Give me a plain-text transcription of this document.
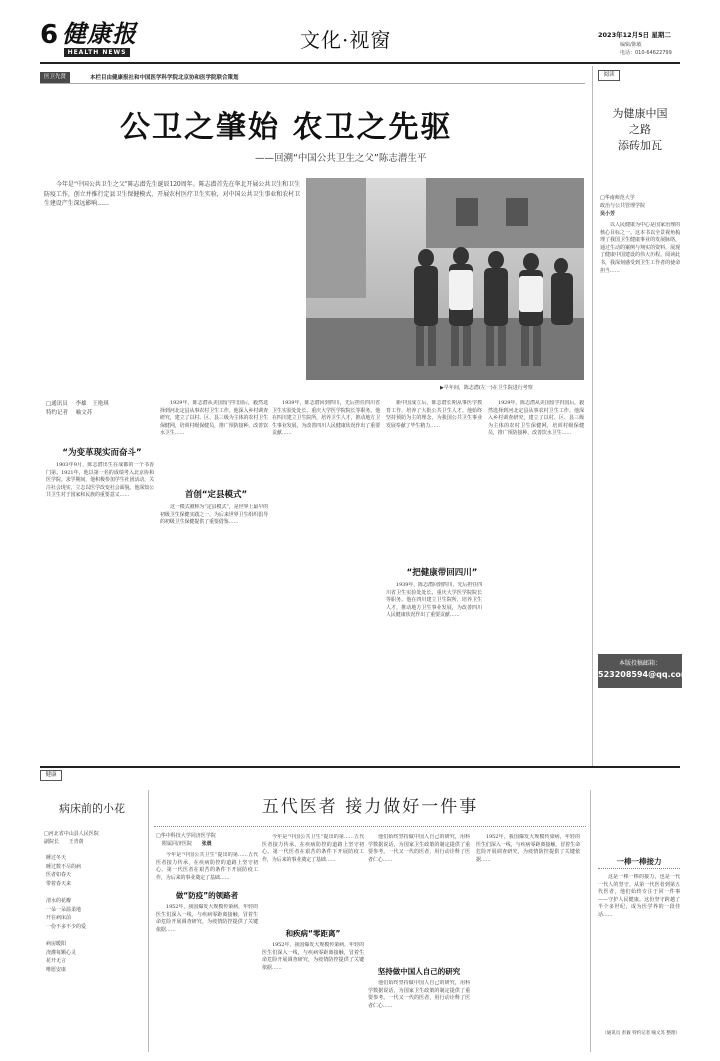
6 健康报
HEALTH NEWS
文化·视窗	2023年12月5日 星期二
编辑/陈敏
电话：010-64622799
医卫先贤	本栏目由健康报社和中国医学科学院北京协和医学院联合策划
公卫之肇始 农卫之先驱
——回溯“中国公共卫生之父”陈志潜生平

今年是“中国公共卫生之父”陈志潜先生诞辰120周年。陈志潜首先在华北开展公共卫生和卫生防疫工作，创立并推行定县卫生保健模式，开展农村医疗卫生实验，对中国公共卫生事业和农村卫生建设产生深远影响……

▶早年间，陈志潜(左一)在卫生院进行考察
□通讯员 李雄 王艳琪
特约记者 喻文苏
“为变革现实而奋斗”
首创“定县模式”
“把健康带回四川”

1903年9月，陈志潜出生在成都的一个书香门第。1921年，他以第一名的成绩考入北京协和医学院。求学期间，他积极参加学生社团活动，关注社会现实，立志以医学改变社会面貌。他深知公共卫生对于国家和民族的重要意义……

1929年，陈志潜从美国留学归国后，毅然选择到河北定县从事农村卫生工作。他深入乡村调查研究，建立了以村、区、县三级为主体的农村卫生保健网，培训村级保健员，推广预防接种，改善饮水卫生……

这一模式被称为“定县模式”，是世界上最早的初级卫生保健实践之一，为后来世界卫生组织倡导的初级卫生保健提供了重要借鉴……

1939年，陈志潜回到四川，先后担任四川省卫生实验处处长、重庆大学医学院院长等职务。他在四川建立卫生院所，培养卫生人才，推动地方卫生事业发展，为改善四川人民健康状况作出了重要贡献……

新中国成立后，陈志潜长期从事医学教育工作，培养了大批公共卫生人才。他始终坚持预防为主的理念，为我国公共卫生事业发展奉献了毕生精力……

1939年，陈志潜回到四川，先后担任四川省卫生实验处处长、重庆大学医学院院长等职务。他在四川建立卫生院所，培养卫生人才，推动地方卫生事业发展，为改善四川人民健康状况作出了重要贡献……

1929年，陈志潜从美国留学归国后，毅然选择到河北定县从事农村卫生工作。他深入乡村调查研究，建立了以村、区、县三级为主体的农村卫生保健网，培训村级保健员，推广预防接种，改善饮水卫生……

阅读
为健康中国
之路
添砖加瓦
□华南师范大学
政治与公共管理学院
吴小芳

以人民健康为中心是国家治理的核心目标之一。这本书以全景视角梳理了我国卫生健康事业的发展脉络，通过生动的案例与翔实的资料，展现了健康中国建设的伟大历程。阅读此书，我深刻感受到卫生工作者的使命担当……

本版投稿邮箱：
523208594@qq.com
健康
病床前的小花
□河北省中山县人民医院
副院长 王青荫
睡过冬天
睡过数不尽的病
医者如春天
带着春天来
清水的花瓣
一朵一朵温柔地
开在病床前
一份不多不少的爱
病房暖阳
浇灌每颗心灵
花开无言
唯愿安康
五代医者 接力做好一件事
□华中科技大学同济医学院
附属同济医院 张晨

今年是“中国公共卫生”提出的第……五代医者接力传承，在疾病防控的道路上坚守初心。第一代医者在艰苦的条件下开展防疫工作，为后来的事业奠定了基础……

做“防疫”的领路者

1952年，我国爆发大规模传染病，年轻的医生们深入一线，与疾病零距离接触，冒着生命危险开展调查研究，为疫情防控提供了关键依据……

今年是“中国公共卫生”提出的第……五代医者接力传承，在疾病防控的道路上坚守初心。第一代医者在艰苦的条件下开展防疫工作，为后来的事业奠定了基础……

和疾病“零距离”

1952年，我国爆发大规模传染病，年轻的医生们深入一线，与疾病零距离接触，冒着生命危险开展调查研究，为疫情防控提供了关键依据……

他们始终坚持做中国人自己的研究，用科学数据说话，为国家卫生政策的制定提供了重要参考。一代又一代的医者，用行动诠释了医者仁心……

坚持做中国人自己的研究

他们始终坚持做中国人自己的研究，用科学数据说话，为国家卫生政策的制定提供了重要参考。一代又一代的医者，用行动诠释了医者仁心……

1952年，我国爆发大规模传染病，年轻的医生们深入一线，与疾病零距离接触，冒着生命危险开展调查研究，为疫情防控提供了关键依据……	一棒一棒接力

这是一棒一棒的接力，也是一代一代人的坚守。从第一代医者到第五代医者，他们始终专注于同一件事——守护人民健康。这份坚守跨越了半个多世纪，成为医学界的一段佳话……

（通讯员 彭毅 特约记者 喻文苏 整理）
